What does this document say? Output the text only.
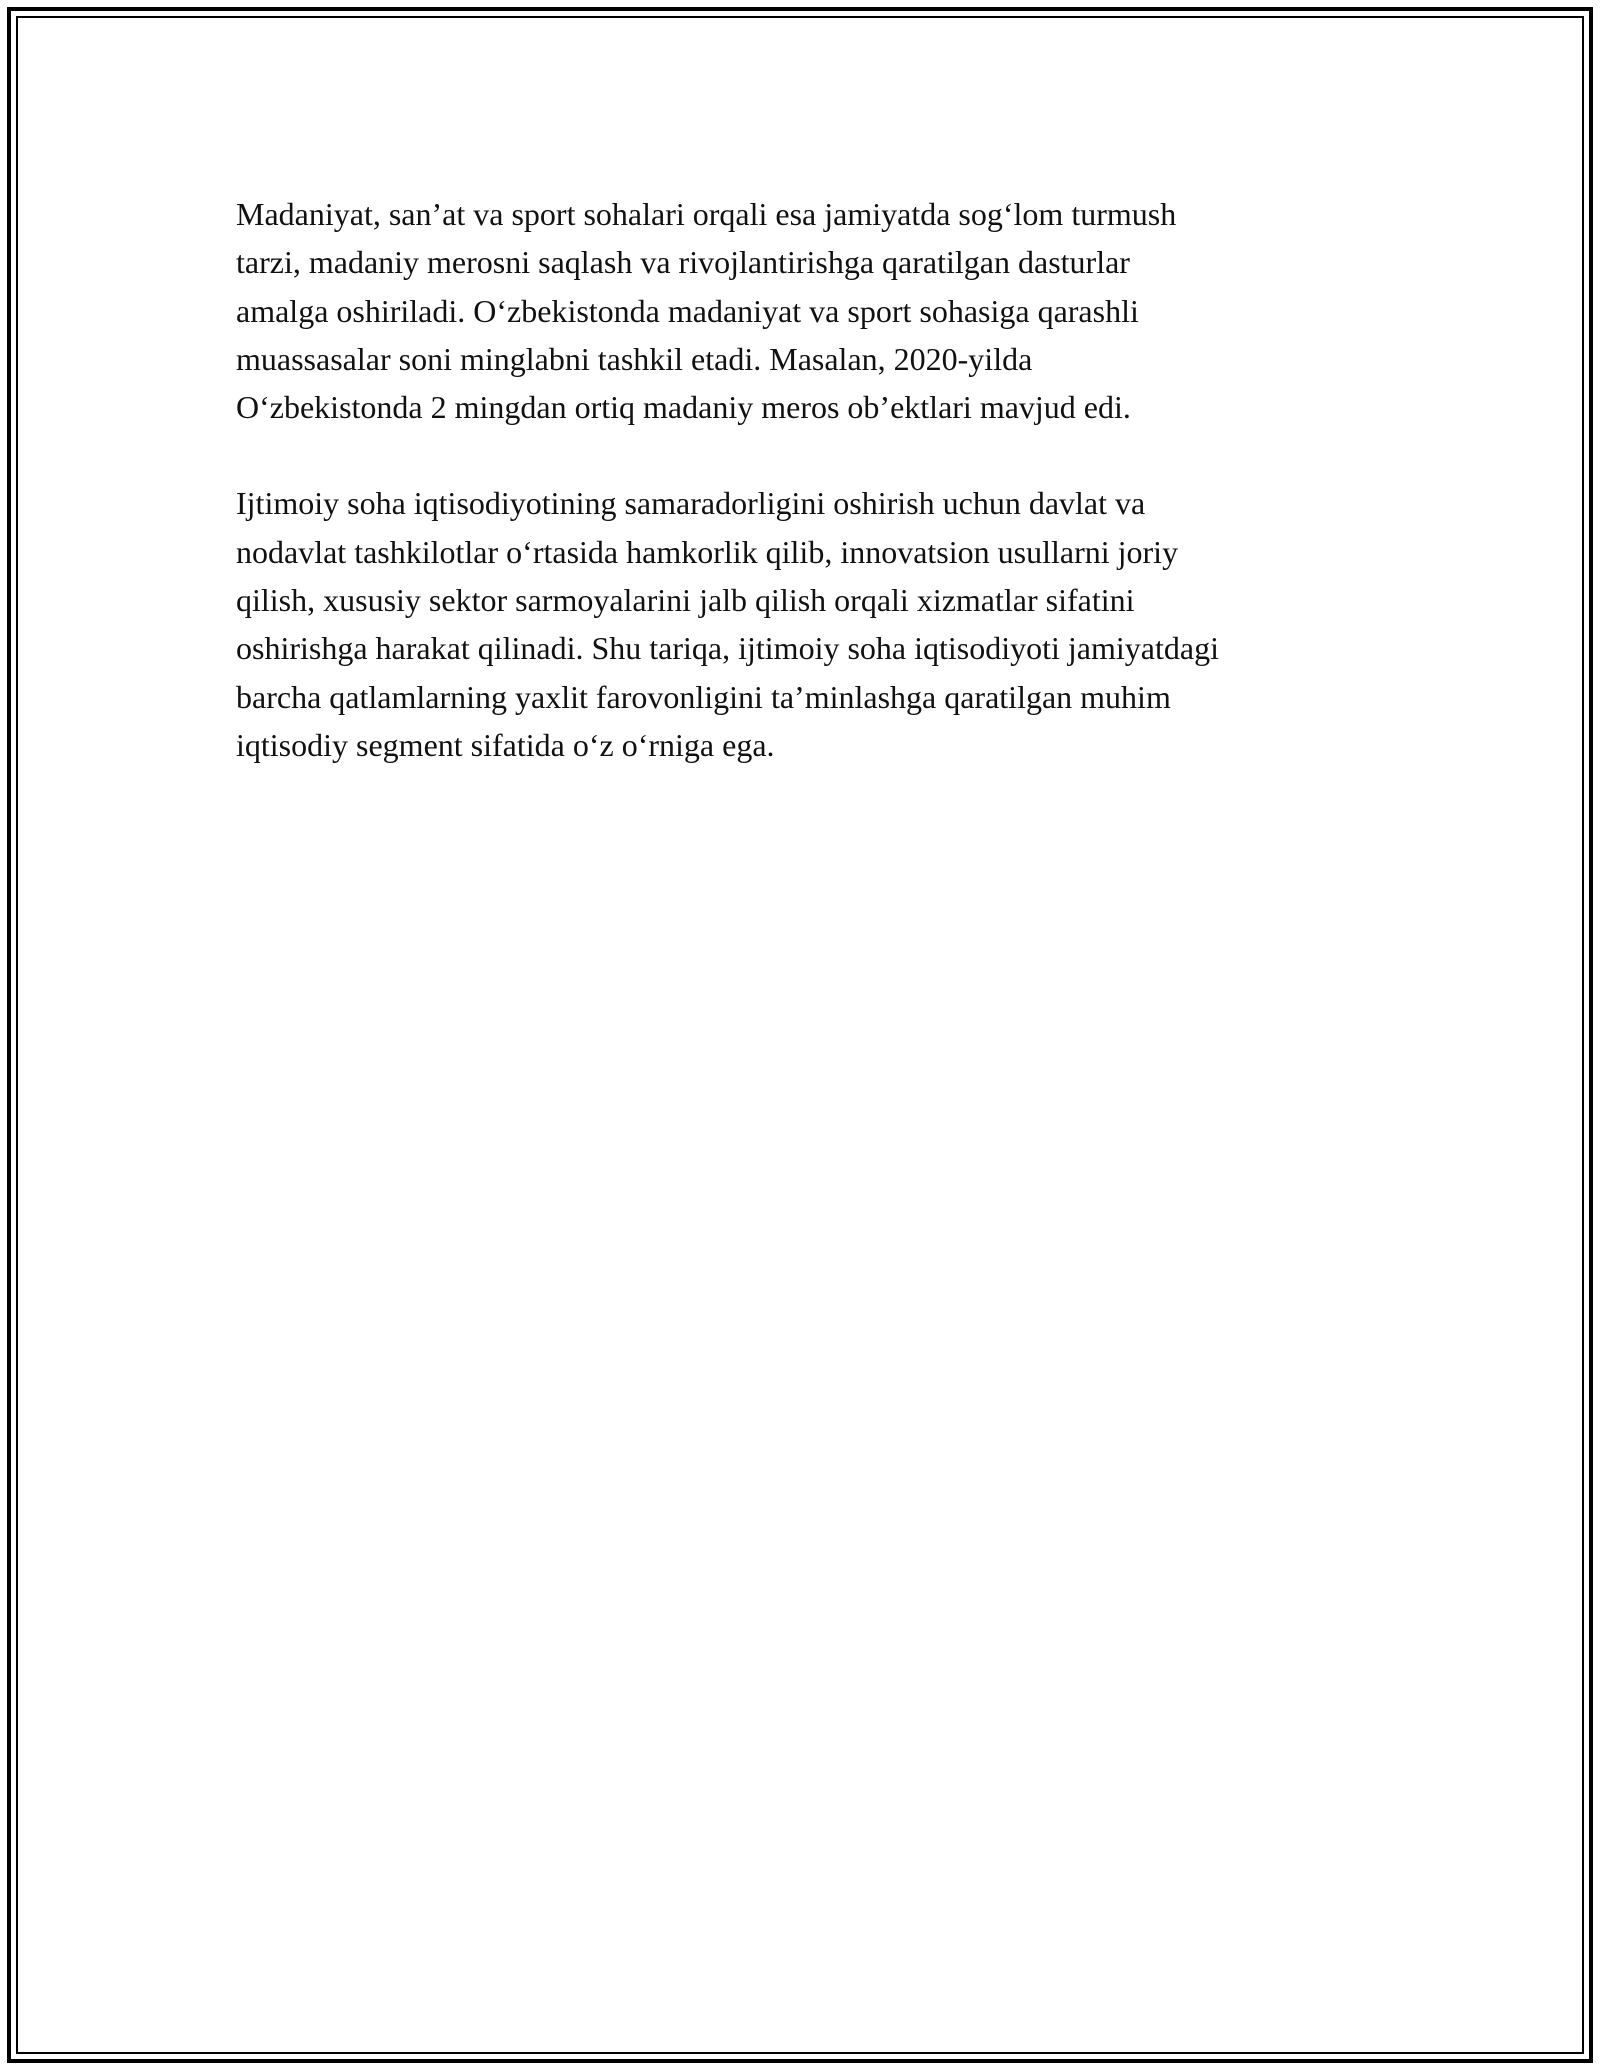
Madaniyat, san’at va sport sohalari orqali esa jamiyatda sog‘lom turmush
tarzi, madaniy merosni saqlash va rivojlantirishga qaratilgan dasturlar
amalga oshiriladi. O‘zbekistonda madaniyat va sport sohasiga qarashli
muassasalar soni minglabni tashkil etadi. Masalan, 2020-yilda
O‘zbekistonda 2 mingdan ortiq madaniy meros ob’ektlari mavjud edi.

Ijtimoiy soha iqtisodiyotining samaradorligini oshirish uchun davlat va
nodavlat tashkilotlar o‘rtasida hamkorlik qilib, innovatsion usullarni joriy
qilish, xususiy sektor sarmoyalarini jalb qilish orqali xizmatlar sifatini
oshirishga harakat qilinadi. Shu tariqa, ijtimoiy soha iqtisodiyoti jamiyatdagi
barcha qatlamlarning yaxlit farovonligini ta’minlashga qaratilgan muhim
iqtisodiy segment sifatida o‘z o‘rniga ega.
